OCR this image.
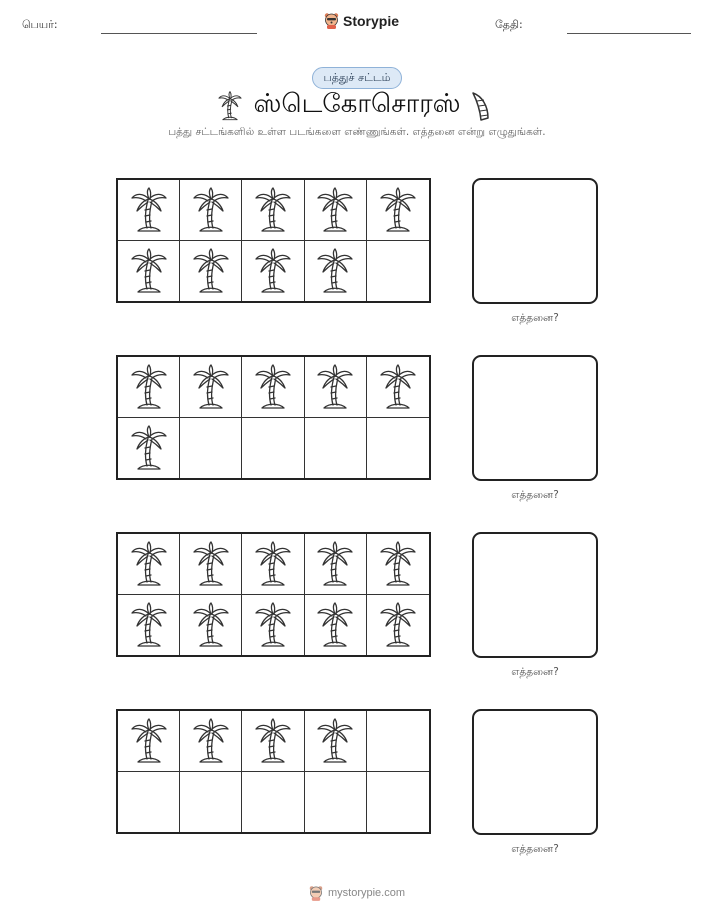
பெயர்:	Storypie	தேதி:
பத்துச் சட்டம்
ஸ்டெகோசொரஸ்
பத்து சட்டங்களில் உள்ள படங்களை எண்ணுங்கள். எத்தனை என்று எழுதுங்கள்.
எத்தனை?
எத்தனை?
எத்தனை?
எத்தனை?
mystorypie.com
